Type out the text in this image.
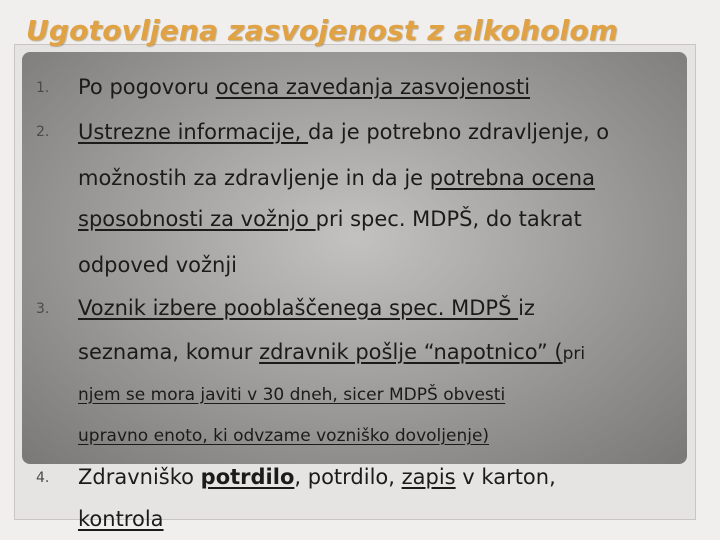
Ugotovljena zasvojenost z alkoholom
1. Po pogovoru ocena zavedanja zasvojenosti
2. Ustrezne informacije, da je potrebno zdravljenje, o
možnostih za zdravljenje in da je potrebna ocena
sposobnosti za vožnjo pri spec. MDPŠ, do takrat
odpoved vožnji
3. Voznik izbere pooblaščenega spec. MDPŠ iz
seznama, komur zdravnik pošlje “napotnico” (pri
njem se mora javiti v 30 dneh, sicer MDPŠ obvesti
upravno enoto, ki odvzame vozniško dovoljenje)
4. Zdravniško potrdilo, potrdilo, zapis v karton,
kontrola
